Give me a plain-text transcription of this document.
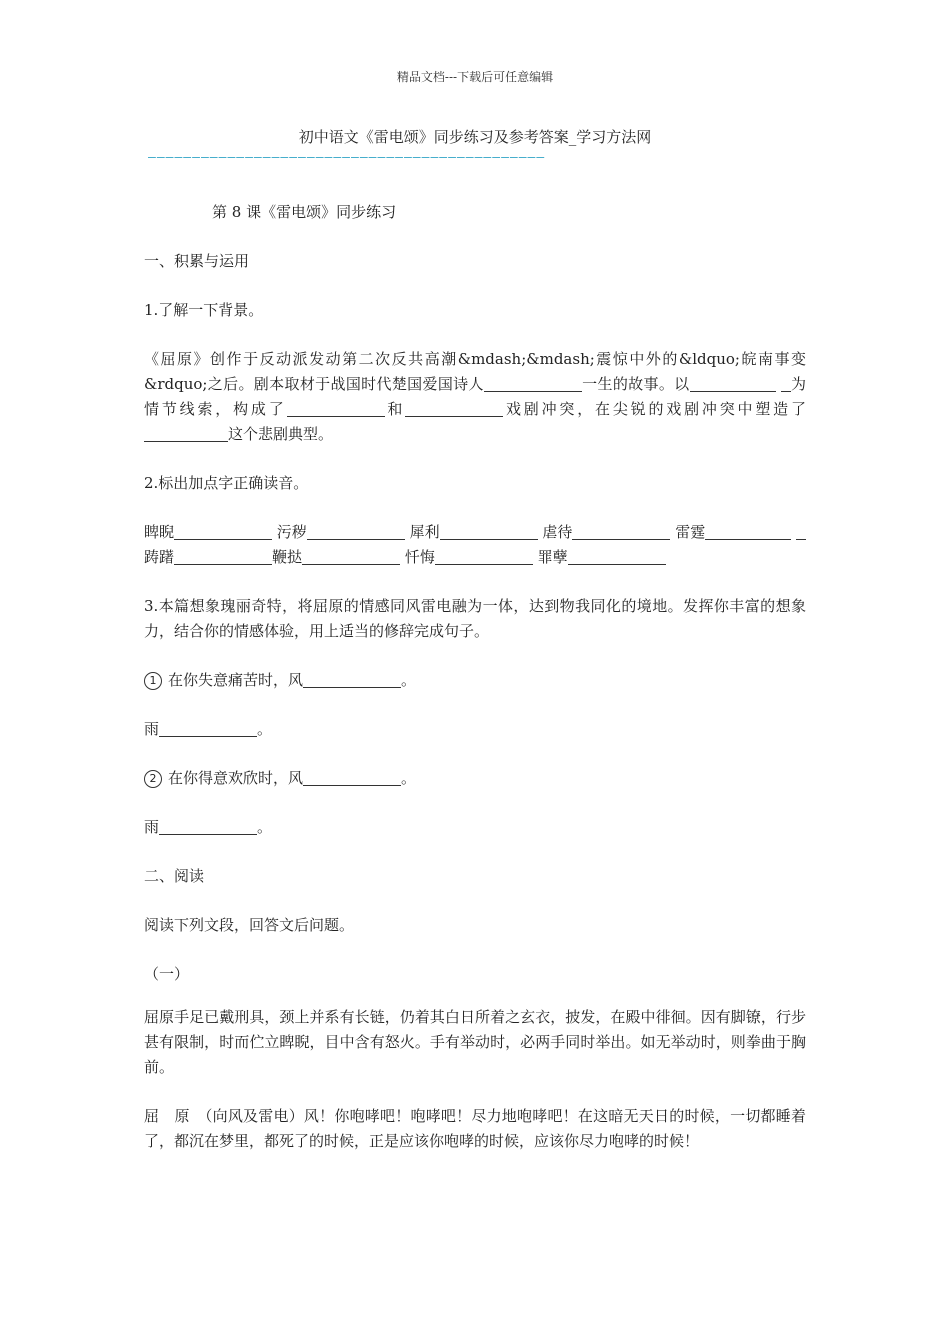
精品文档---下载后可任意编辑
初中语文《雷电颂》同步练习及参考答案_学习方法网
—————————————————————————————————————————————

第 8 课《雷电颂》同步练习

一、积累与运用

1.了解一下背景。

《屈原》创作于反动派发动第二次反共高潮&mdash;&mdash;震惊中外的&ldquo;皖南事变&rdquo;之后。剧本取材于战国时代楚国爱国诗人	一生的故事。以	为情节线索，构成了	和	戏剧冲突，在尖锐的戏剧冲突中塑造了这个悲剧典型。

2.标出加点字正确读音。

睥睨	污秽	犀利	虐待	雷霆  踌躇	鞭挞	忏悔	罪孽

3.本篇想象瑰丽奇特，将屈原的情感同风雷电融为一体，达到物我同化的境地。发挥你丰富的想象力，结合你的情感体验，用上适当的修辞完成句子。

1 在你失意痛苦时，风	。

雨	。

2 在你得意欢欣时，风	。

雨	。

二、阅读

阅读下列文段，回答文后问题。

（一）

屈原手足已戴刑具，颈上并系有长链，仍着其白日所着之玄衣，披发，在殿中徘徊。因有脚镣，行步甚有限制，时而伫立睥睨，目中含有怒火。手有举动时，必两手同时举出。如无举动时，则拳曲于胸前。

屈　原　（向风及雷电）风！你咆哮吧！咆哮吧！尽力地咆哮吧！在这暗无天日的时候，一切都睡着了，都沉在梦里，都死了的时候，正是应该你咆哮的时候，应该你尽力咆哮的时候！
